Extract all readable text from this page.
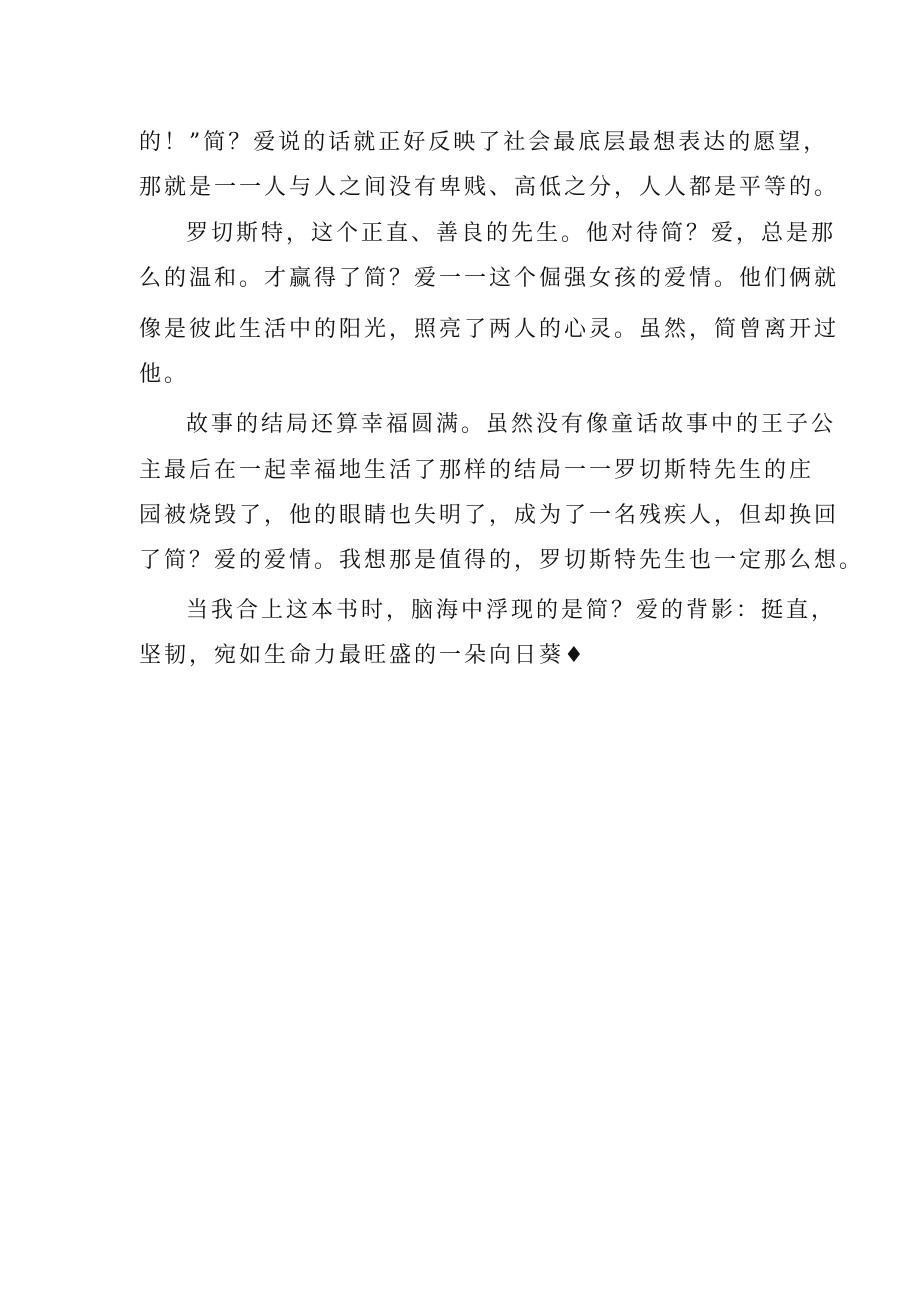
的！”简？爱说的话就正好反映了社会最底层最想表达的愿望，
那就是一一人与人之间没有卑贱、高低之分，人人都是平等的。
罗切斯特，这个正直、善良的先生。他对待简？爱，总是那
么的温和。才赢得了简？爱一一这个倔强女孩的爱情。他们俩就
像是彼此生活中的阳光，照亮了两人的心灵。虽然，简曾离开过
他。
故事的结局还算幸福圆满。虽然没有像童话故事中的王子公
主最后在一起幸福地生活了那样的结局一一罗切斯特先生的庄
园被烧毁了，他的眼睛也失明了，成为了一名残疾人，但却换回
了简？爱的爱情。我想那是值得的，罗切斯特先生也一定那么想。
当我合上这本书时，脑海中浮现的是简？爱的背影：挺直，
坚韧，宛如生命力最旺盛的一朵向日葵♦
